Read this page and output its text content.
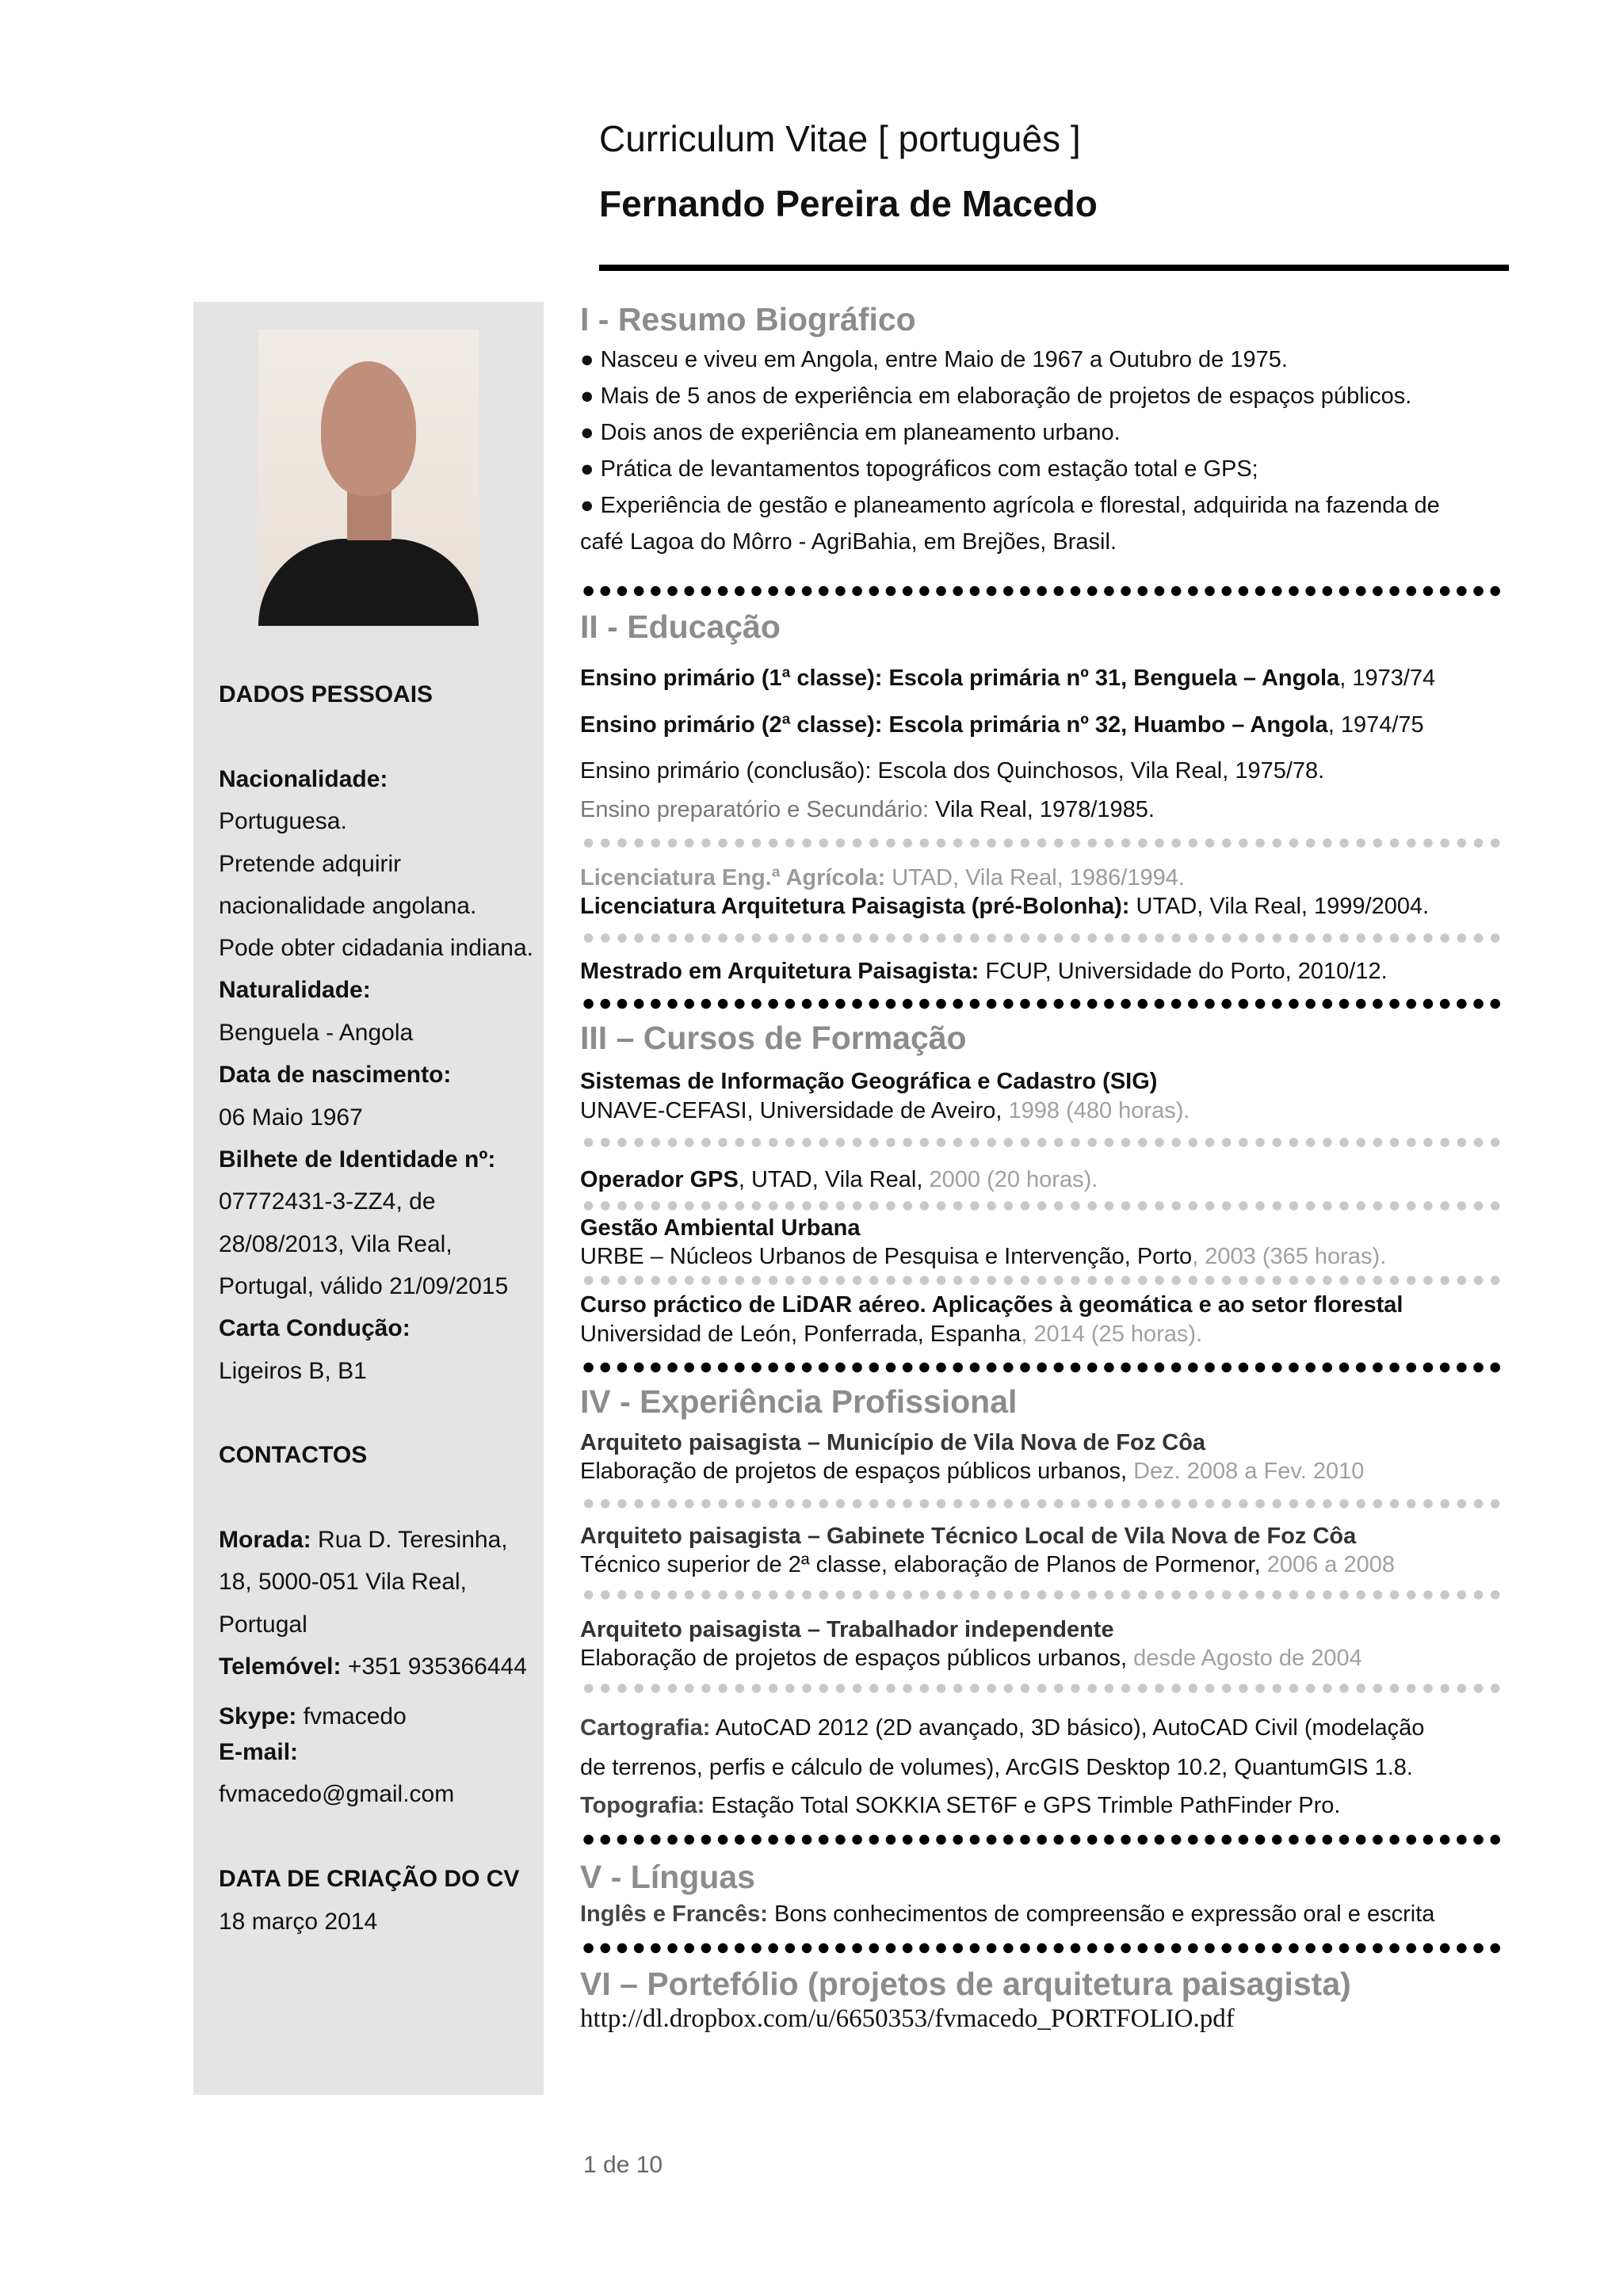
Curriculum Vitae [ português ]
Fernando Pereira de Macedo
DADOS PESSOAIS
Nacionalidade:
Portuguesa.
Pretende adquirir
nacionalidade angolana.
Pode obter cidadania indiana.
Naturalidade:
Benguela - Angola
Data de nascimento:
06 Maio 1967
Bilhete de Identidade nº:
07772431-3-ZZ4, de
28/08/2013, Vila Real,
Portugal, válido 21/09/2015
Carta Condução:
Ligeiros B, B1
CONTACTOS
Morada: Rua D. Teresinha,
18, 5000-051 Vila Real,
Portugal
Telemóvel: +351 935366444
Skype: fvmacedo
E-mail:
fvmacedo@gmail.com
DATA DE CRIAÇÃO DO CV
18 março 2014
I - Resumo Biográfico
● Nasceu e viveu em Angola, entre Maio de 1967 a Outubro de 1975.
● Mais de 5 anos de experiência em elaboração de projetos de espaços públicos.
● Dois anos de experiência em planeamento urbano.
● Prática de levantamentos topográficos com estação total e GPS;
● Experiência de gestão e planeamento agrícola e florestal, adquirida na fazenda de
café Lagoa do Môrro - AgriBahia, em Brejões, Brasil.
II - Educação
Ensino primário (1ª classe): Escola primária nº 31, Benguela – Angola, 1973/74
Ensino primário (2ª classe): Escola primária nº 32, Huambo – Angola, 1974/75
Ensino primário (conclusão): Escola dos Quinchosos, Vila Real, 1975/78.
Ensino preparatório e Secundário: Vila Real, 1978/1985.
Licenciatura Eng.ª Agrícola: UTAD, Vila Real, 1986/1994.
Licenciatura Arquitetura Paisagista (pré-Bolonha): UTAD, Vila Real, 1999/2004.
Mestrado em Arquitetura Paisagista: FCUP, Universidade do Porto, 2010/12.
III – Cursos de Formação
Sistemas de Informação Geográfica e Cadastro (SIG)
UNAVE-CEFASI, Universidade de Aveiro, 1998 (480 horas).
Operador GPS, UTAD, Vila Real, 2000 (20 horas).
Gestão Ambiental Urbana
URBE – Núcleos Urbanos de Pesquisa e Intervenção, Porto, 2003 (365 horas).
Curso práctico de LiDAR aéreo. Aplicações à geomática e ao setor florestal
Universidad de León, Ponferrada, Espanha, 2014 (25 horas).
IV - Experiência Profissional
Arquiteto paisagista – Município de Vila Nova de Foz Côa
Elaboração de projetos de espaços públicos urbanos, Dez. 2008 a Fev. 2010
Arquiteto paisagista – Gabinete Técnico Local de Vila Nova de Foz Côa
Técnico superior de 2ª classe, elaboração de Planos de Pormenor, 2006 a 2008
Arquiteto paisagista – Trabalhador independente
Elaboração de projetos de espaços públicos urbanos, desde Agosto de 2004
Cartografia: AutoCAD 2012 (2D avançado, 3D básico), AutoCAD Civil (modelação
de terrenos, perfis e cálculo de volumes), ArcGIS Desktop 10.2, QuantumGIS 1.8.
Topografia: Estação Total SOKKIA SET6F e GPS Trimble PathFinder Pro.
V - Línguas
Inglês e Francês: Bons conhecimentos de compreensão e expressão oral e escrita
VI – Portefólio (projetos de arquitetura paisagista)
http://dl.dropbox.com/u/6650353/fvmacedo_PORTFOLIO.pdf
1 de 10
